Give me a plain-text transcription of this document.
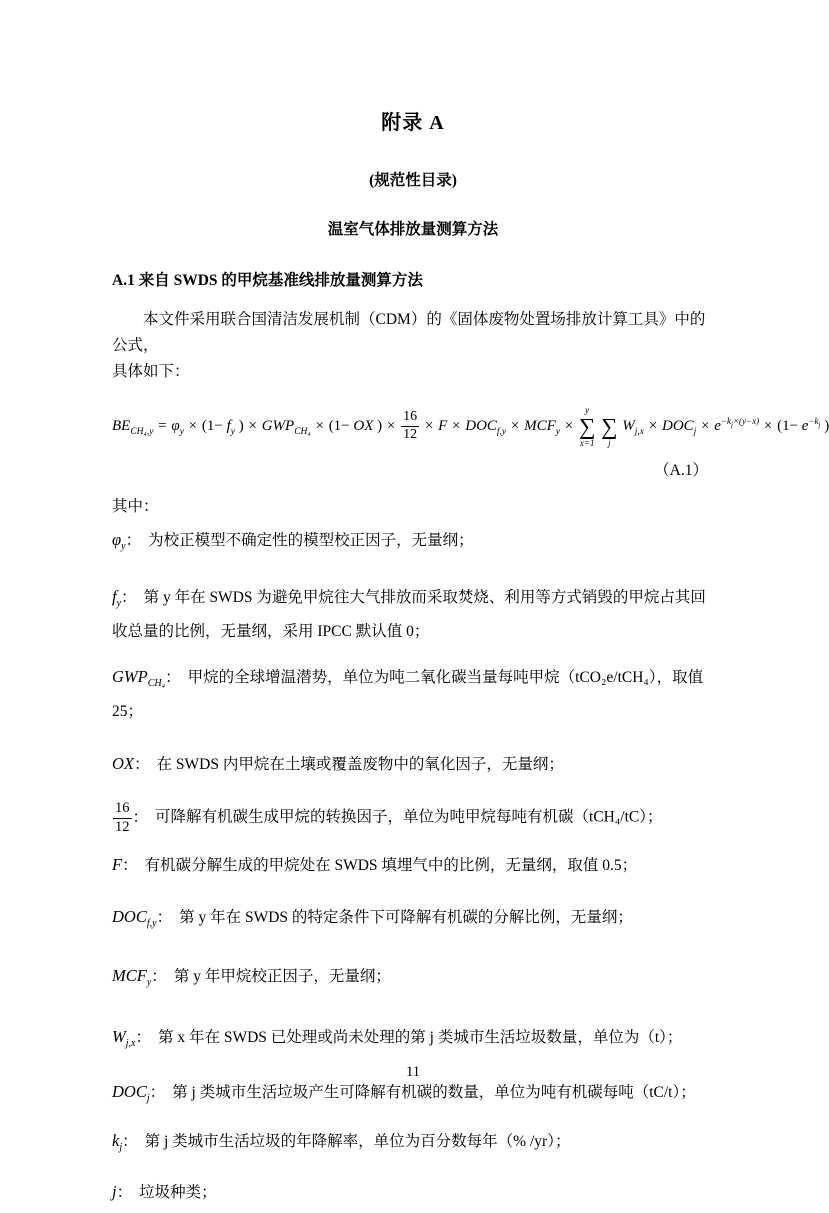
附录 A
(规范性目录)
温室气体排放量测算方法
A.1 来自 SWDS 的甲烷基准线排放量测算方法

本文件采用联合国清洁发展机制（CDM）的《固体废物处置场排放计算工具》中的公式，
具体如下：

$BE_{CH_4,y} = \varphi_y \times (1- f_y$ ) × $GWP_{CH_4} \times (1-$ OX ) × $\frac{16}{12} \times F \times DOC_{f,y} \times MCF_y$ ×
y
∑
x=1

∑
j
$W_{j,x} \times DOC_j \times e^{-k_j\times(y-x)} \times (1- e^{-k_j}$ )
（A.1）
其中：
$\varphi_y$： 为校正模型不确定性的模型校正因子，无量纲；
$f_y$： 第 y 年在 SWDS 为避免甲烷往大气排放而采取焚烧、利用等方式销毁的甲烷占其回收总量的比例，无量纲，采用 IPCC 默认值 0；
$GWP_{CH_4}$： 甲烷的全球增温潜势，单位为吨二氧化碳当量每吨甲烷（tCO₂e/tCH₄），取值 25；
OX： 在 SWDS 内甲烷在土壤或覆盖废物中的氧化因子，无量纲；
$\frac{16}{12}$ ： 可降解有机碳生成甲烷的转换因子，单位为吨甲烷每吨有机碳（tCH₄/tC）；
F： 有机碳分解生成的甲烷处在 SWDS 填埋气中的比例，无量纲，取值 0.5；
$DOC_{f,y}$： 第 y 年在 SWDS 的特定条件下可降解有机碳的分解比例，无量纲；
$MCF_y$： 第 y 年甲烷校正因子，无量纲；
$W_{j,x}$： 第 x 年在 SWDS 已处理或尚未处理的第 j 类城市生活垃圾数量，单位为（t）；
$DOC_j$： 第 j 类城市生活垃圾产生可降解有机碳的数量，单位为吨有机碳每吨（tC/t）；
$k_j$： 第 j 类城市生活垃圾的年降解率，单位为百分数每年（% /yr）；
j： 垃圾种类；
11
